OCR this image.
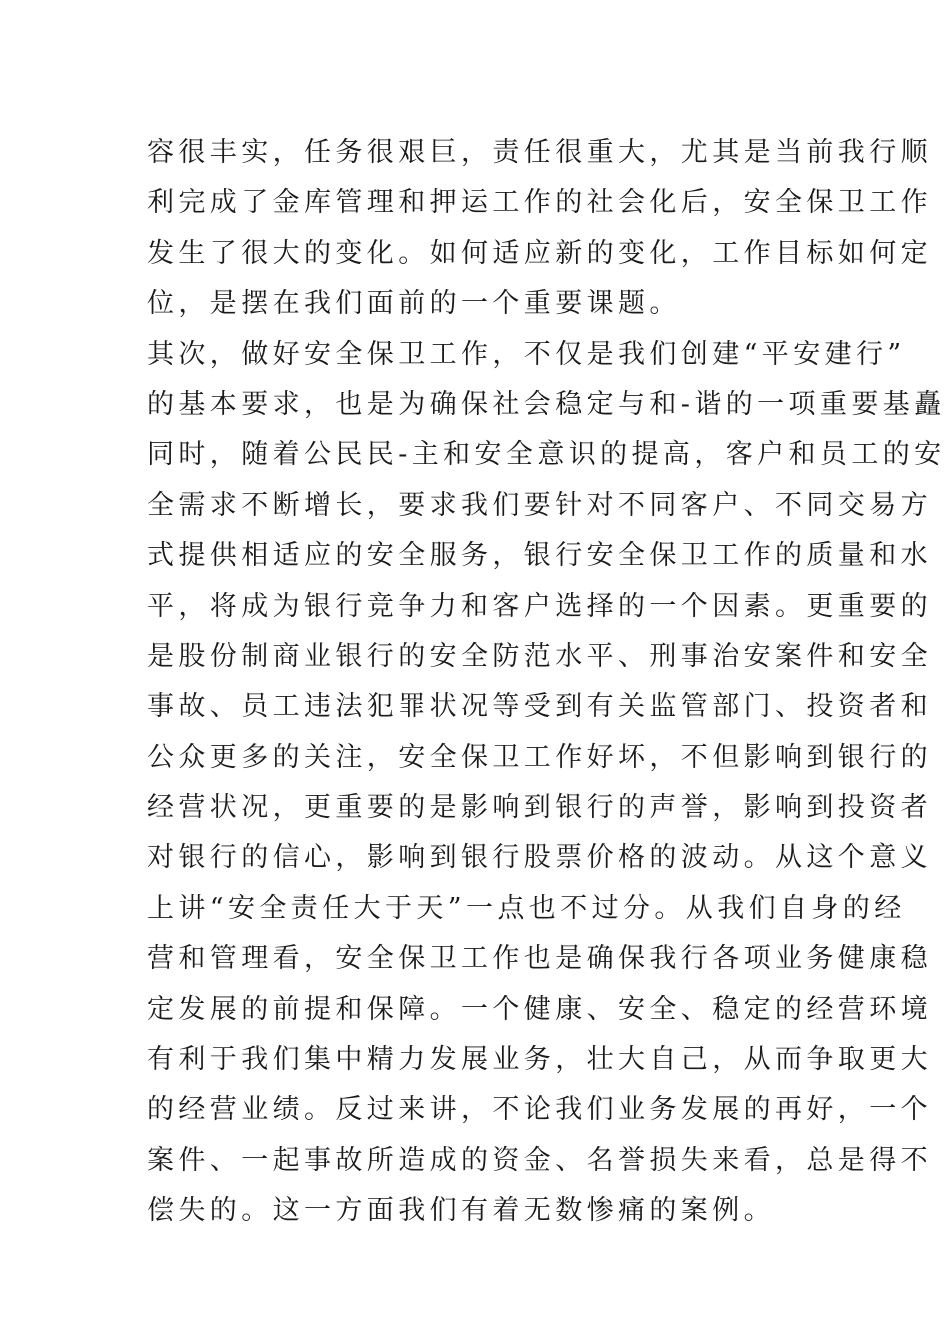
容很丰实，任务很艰巨，责任很重大，尤其是当前我行顺
利完成了金库管理和押运工作的社会化后，安全保卫工作
发生了很大的变化。如何适应新的变化，工作目标如何定
位，是摆在我们面前的一个重要课题。
其次，做好安全保卫工作，不仅是我们创建“平安建行”
的基本要求，也是为确保社会稳定与和-谐的一项重要基矗
同时，随着公民民-主和安全意识的提高，客户和员工的安
全需求不断增长，要求我们要针对不同客户、不同交易方
式提供相适应的安全服务，银行安全保卫工作的质量和水
平，将成为银行竞争力和客户选择的一个因素。更重要的
是股份制商业银行的安全防范水平、刑事治安案件和安全
事故、员工违法犯罪状况等受到有关监管部门、投资者和
公众更多的关注，安全保卫工作好坏，不但影响到银行的
经营状况，更重要的是影响到银行的声誉，影响到投资者
对银行的信心，影响到银行股票价格的波动。从这个意义
上讲“安全责任大于天”一点也不过分。从我们自身的经
营和管理看，安全保卫工作也是确保我行各项业务健康稳
定发展的前提和保障。一个健康、安全、稳定的经营环境
有利于我们集中精力发展业务，壮大自己，从而争取更大
的经营业绩。反过来讲，不论我们业务发展的再好，一个
案件、一起事故所造成的资金、名誉损失来看，总是得不
偿失的。这一方面我们有着无数惨痛的案例。
